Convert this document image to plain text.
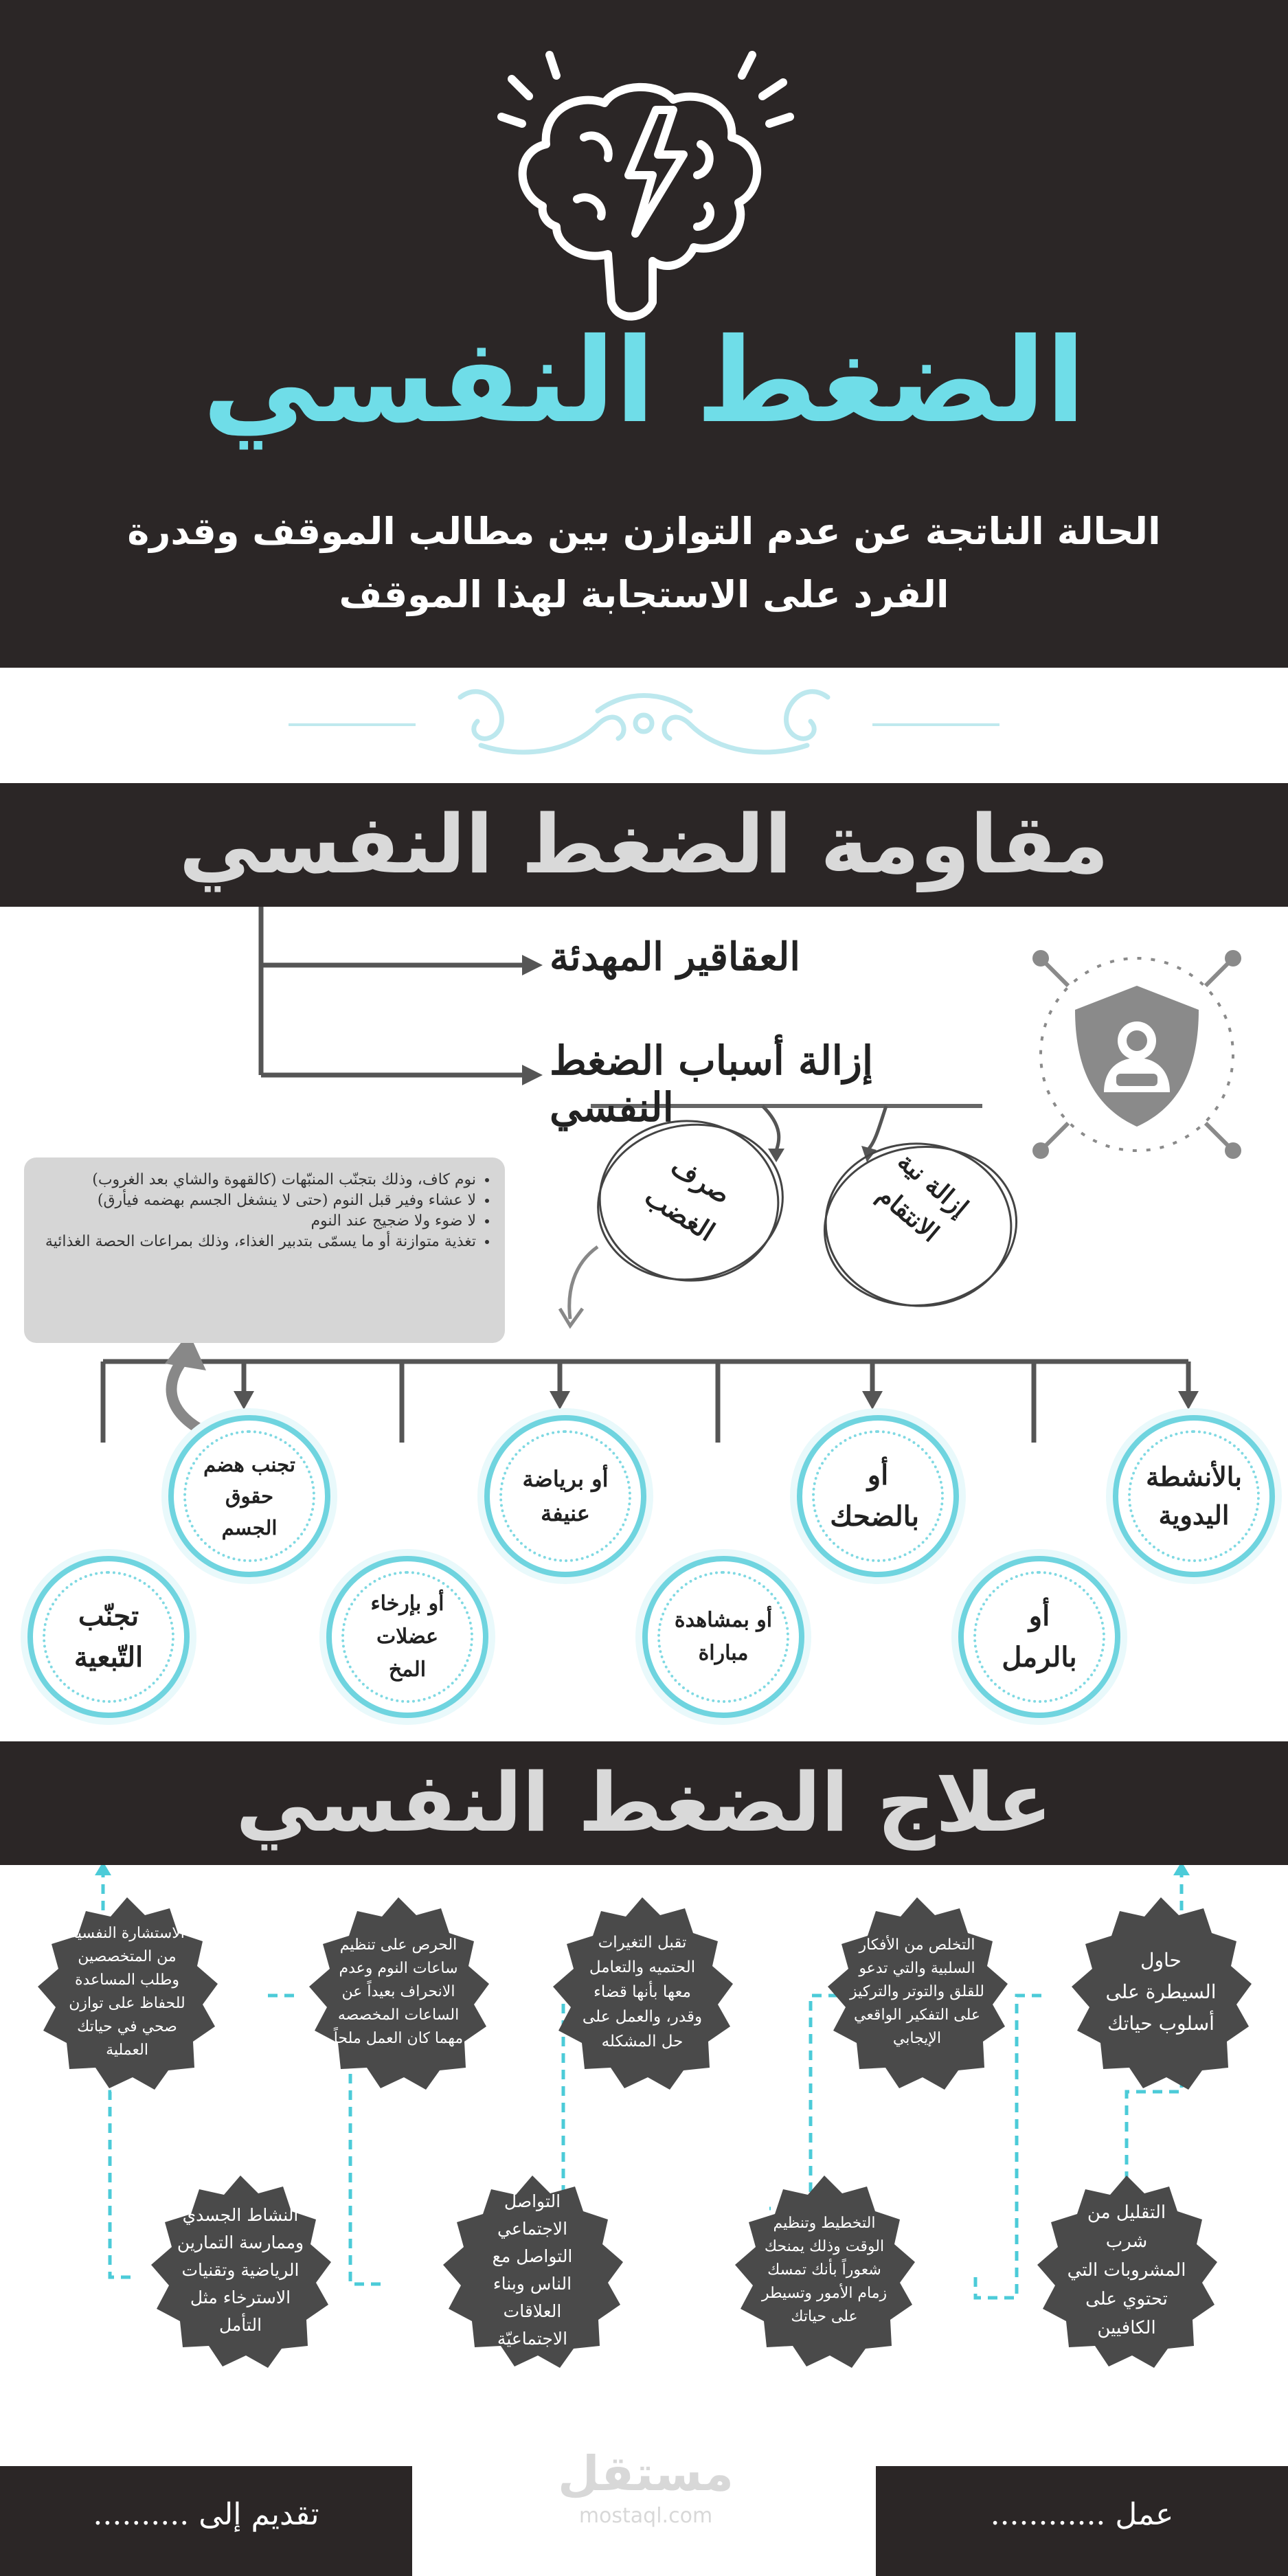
الضغط النفسي
الحالة الناتجة عن عدم التوازن بين مطالب الموقف وقدرة
الفرد على الاستجابة لهذا الموقف
مقاومة الضغط النفسي
العقاقير المهدئة
إزالة أسباب الضغط النفسي
إزالة نية الانتقام
صرف الغضب
• نوم كاف، وذلك بتجنّب المنبّهات (كالقهوة والشاي بعد الغروب)
• لا عشاء وفير قبل النوم (حتى لا ينشغل الجسم بهضمه فيأرق)
• لا ضوء ولا ضجيج عند النوم
• تغذية متوازنة أو ما يسمّى بتدبير الغذاء، وذلك بمراعات الحصة الغذائية
بالأنشطة اليدوية
أو بالرمل
أو بالضحك
أو بمشاهدة مباراة
أو برياضة عنيفة
أو بإرخاء عضلات المخ
تجنب هضم حقوق الجسم
تجنّب التّبعية
علاج الضغط النفسي
حاول السيطرة على أسلوب حياتك
التخلص من الأفكار السلبية والتي تدعو للقلق والتوتر والتركيز على التفكير الواقعي الإيجابي
تقبل التغيرات الحتميه والتعامل معها بأنها قضاء وقدر، والعمل على حل المشكله
الحرص على تنظيم ساعات النوم وعدم الانحراف بعيداً عن الساعات المخصصه مهما كان العمل ملحاً
الاستشارة النفسيه من المتخصصين وطلب المساعدة للحفاظ على توازن صحي في حياتك العملية
التقليل من شرب المشروبات التي تحتوي على الكافيين
التخطيط وتنظيم الوقت وذلك يمنحك شعوراً بأنك تمسك زمام الأمور وتسيطر على حياتك
التواصل الاجتماعي التواصل مع الناس وبناء العلاقات الاجتماعيّة
النشاط الجسدي وممارسة التمارين الرياضية وتقنيات الاسترخاء مثل التأمل
تقديم إلى ..........	عمل ............
مستقل
mostaql.com
